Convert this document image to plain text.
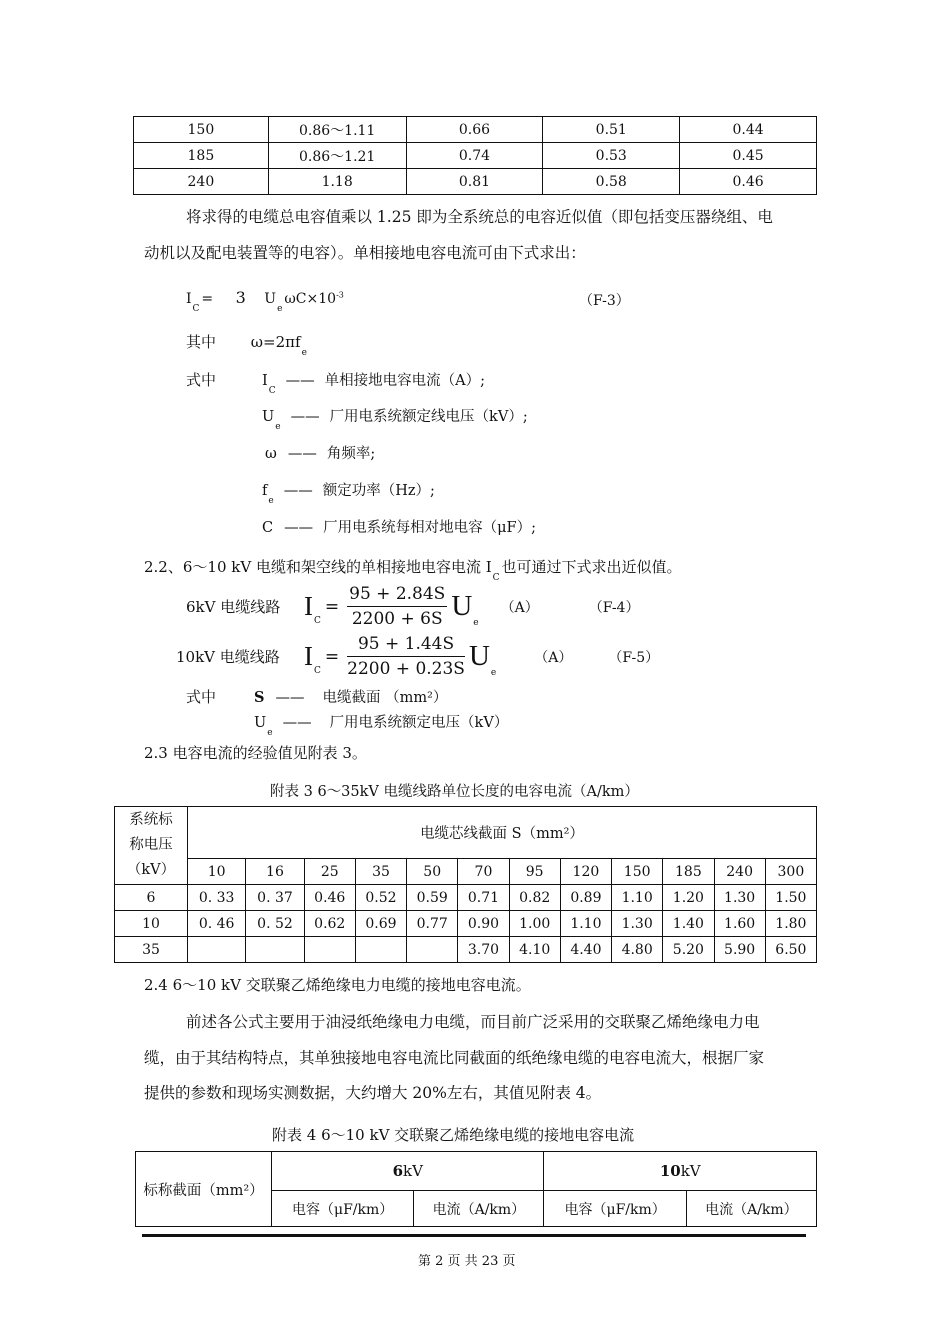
150	0.86～1.11	0.66	0.51	0.44
185	0.86～1.21	0.74	0.53	0.45
240	1.18	0.81	0.58	0.46
将求得的电缆总电容值乘以 1.25 即为全系统总的电容近似值（即包括变压器绕组、电
动机以及配电装置等的电容）。单相接地电容电流可由下式求出：
$I_C= 3$ $U_e\omega C\times 10^{-3}$	（F-3）
其中 $\omega=2\pi f_e$
式中	$I_C——$ 单相接地电容电流（A）;
$U_e——$ 厂用电系统额定线电压（kV）;
ω —— 角频率;
$f_e——$ 额定功率（Hz）;
C —— 厂用电系统每相对地电容（μF）;
2.2、6～10 kV 电缆和架空线的单相接地电容电流 $I_C$也可通过下式求出近似值。
6kV 电缆线路 I C
= $\frac{95 + 2.84S}{2200 + 6S}$ U
e
（A）	（F-4）
10kV 电缆线路 I C
= $\frac{95 + 1.44S}{2200 + 0.23S}$ U
e
（A）	（F-5）
式中	S —— 电缆截面 （mm²）
$U_e——$ 厂用电系统额定电压（kV）
2.3 电容电流的经验值见附表 3。
附表 3 6～35kV 电缆线路单位长度的电容电流（A/km）
系统标
称电压
（kV）	电缆芯线截面 S（mm²）											
	10	16	25	35	50	70	95	120	150	185	240	300
6	0. 33	0. 37	0.46	0.52	0.59	0.71	0.82	0.89	1.10	1.20	1.30	1.50
10	0. 46	0. 52	0.62	0.69	0.77	0.90	1.00	1.10	1.30	1.40	1.60	1.80
35						3.70	4.10	4.40	4.80	5.20	5.90	6.50
2.4 6～10 kV 交联聚乙烯绝缘电力电缆的接地电容电流。
前述各公式主要用于油浸纸绝缘电力电缆，而目前广泛采用的交联聚乙烯绝缘电力电
缆，由于其结构特点，其单独接地电容电流比同截面的纸绝缘电缆的电容电流大，根据厂家
提供的参数和现场实测数据，大约增大 20%左右，其值见附表 4。
附表 4 6～10 kV 交联聚乙烯绝缘电缆的接地电容电流
标称截面（mm²）	6kV		10kV	
	电容（μF/km）	电流（A/km）	电容（μF/km）	电流（A/km）
第 2 页 共 23 页
